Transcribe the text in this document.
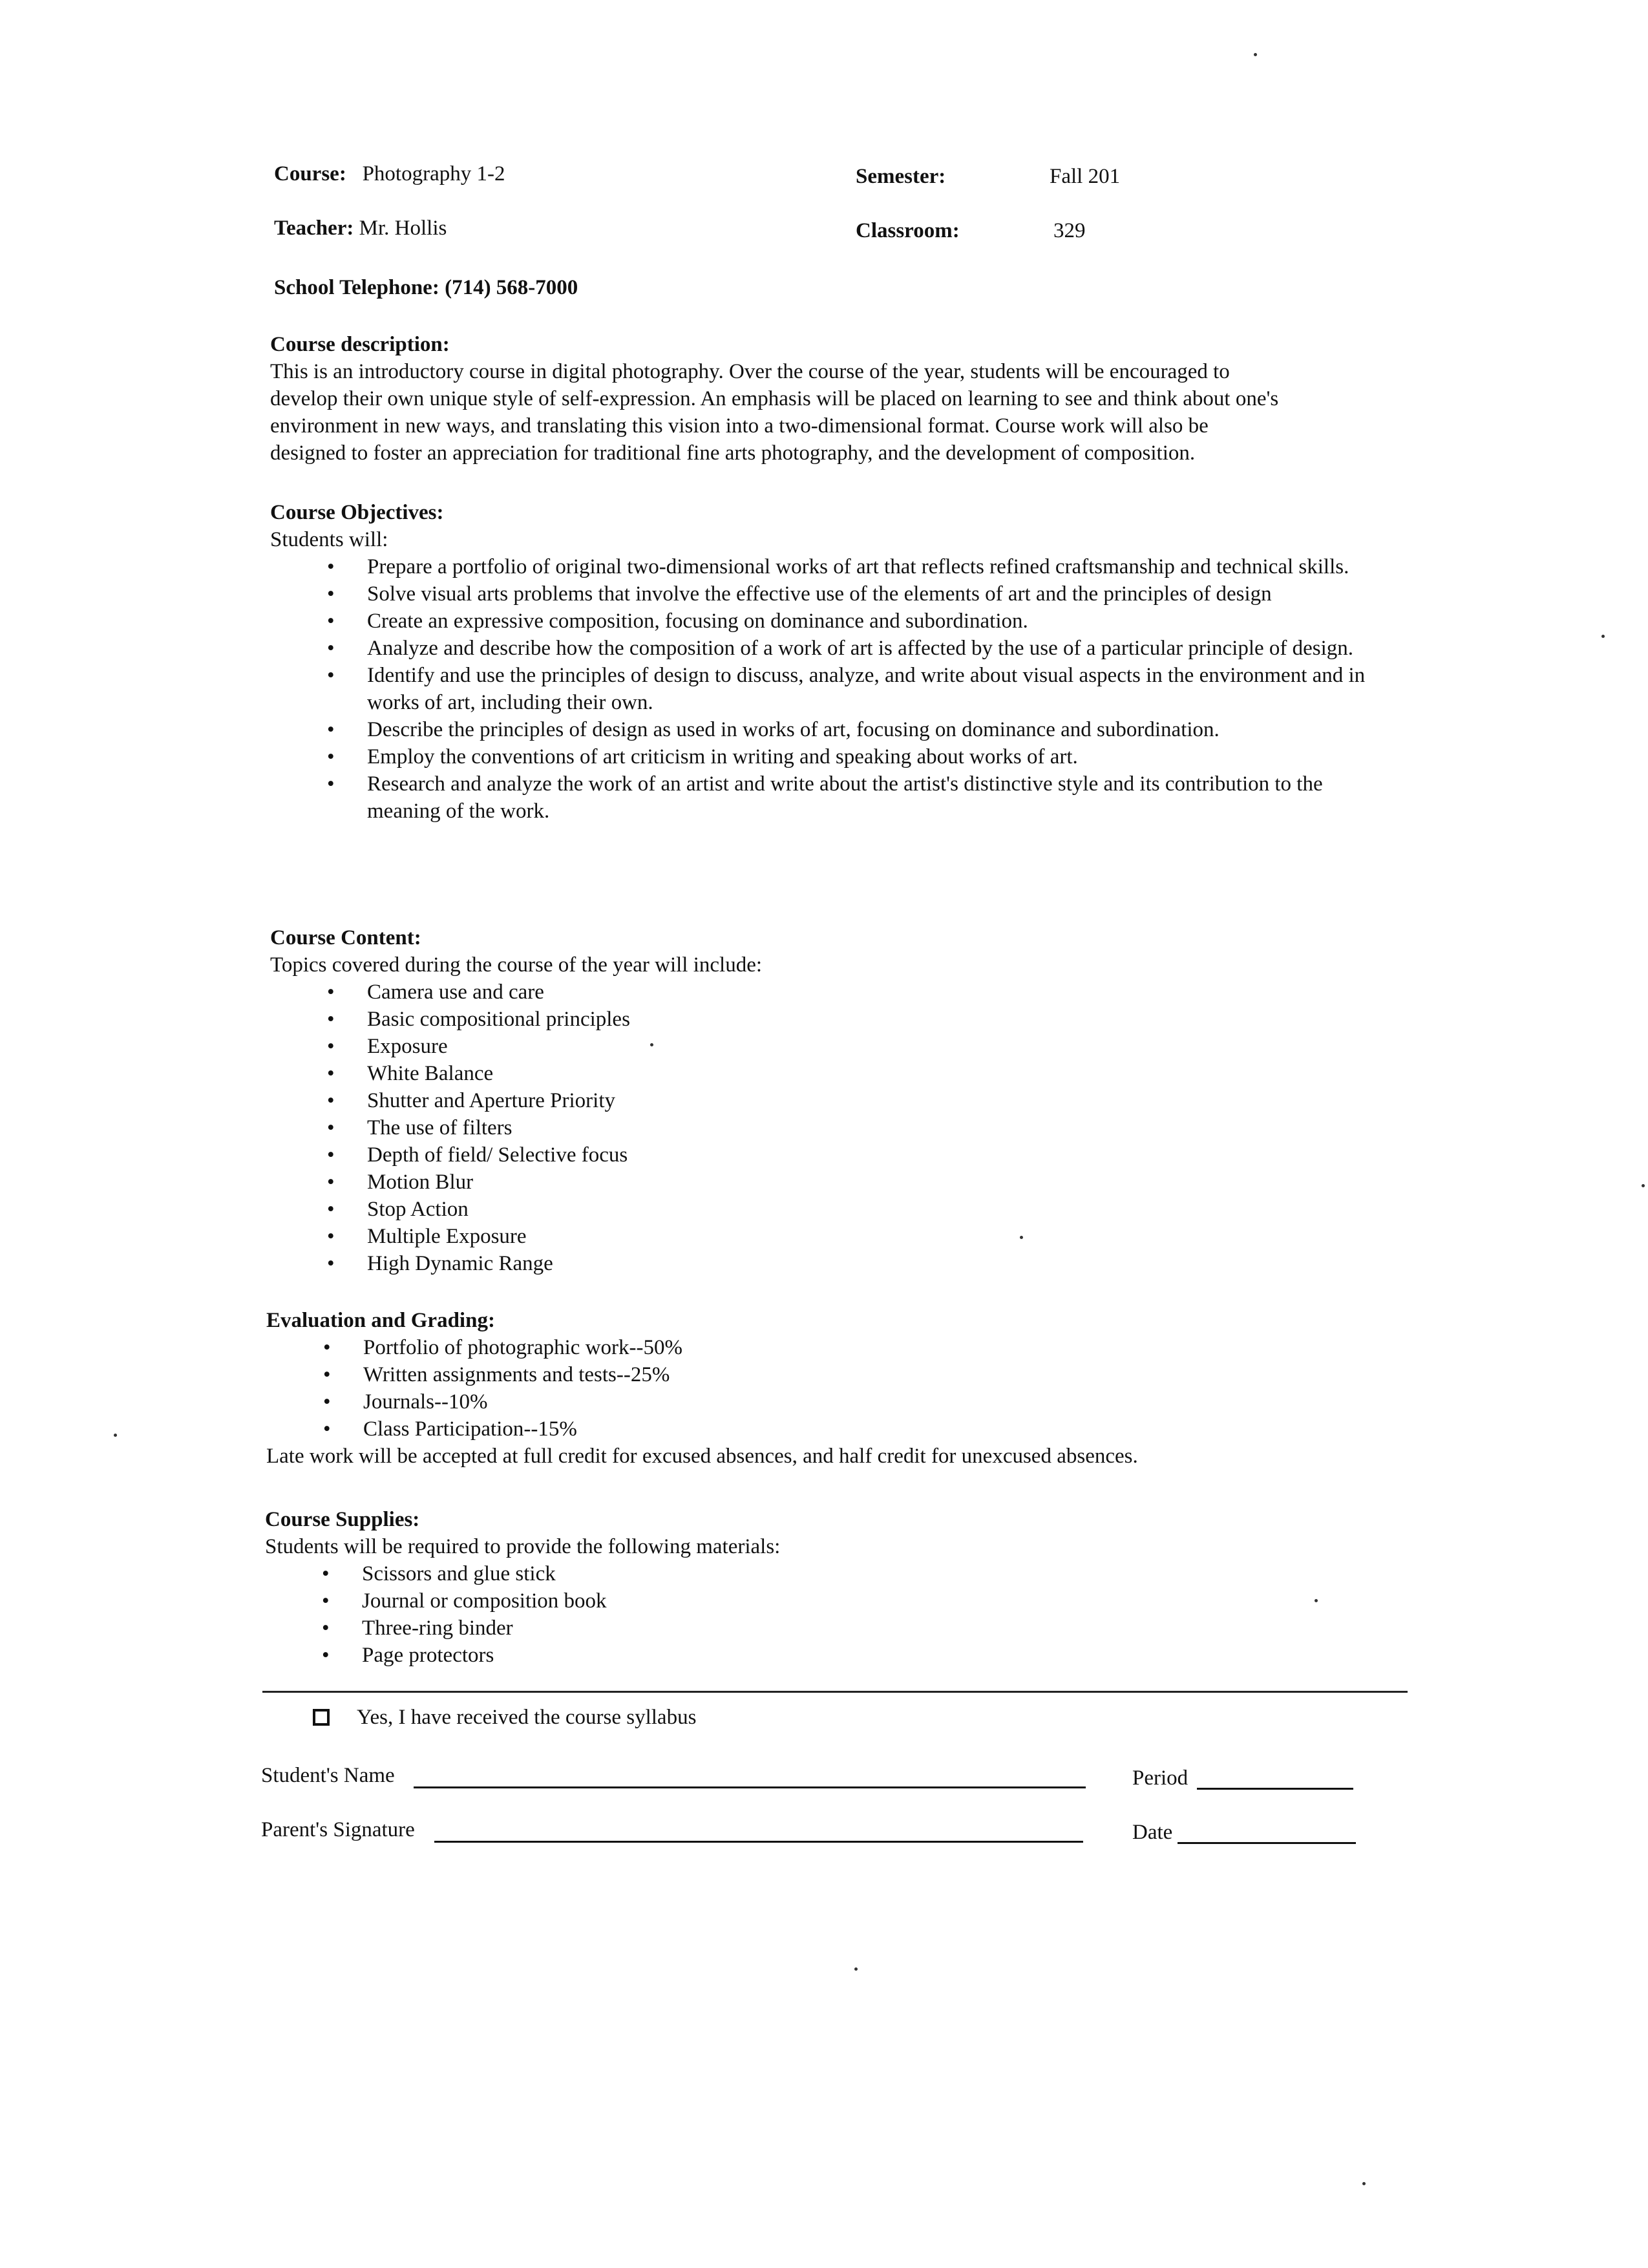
Course: Photography 1-2	Semester:	Fall 201
Teacher: Mr. Hollis	Classroom:	329
School Telephone: (714) 568-7000
Course description:
This is an introductory course in digital photography. Over the course of the year, students will be encouraged to
develop their own unique style of self-expression. An emphasis will be placed on learning to see and think about one's
environment in new ways, and translating this vision into a two-dimensional format. Course work will also be
designed to foster an appreciation for traditional fine arts photography, and the development of composition.
Course Objectives:
Students will:
• Prepare a portfolio of original two-dimensional works of art that reflects refined craftsmanship and technical skills.
• Solve visual arts problems that involve the effective use of the elements of art and the principles of design
• Create an expressive composition, focusing on dominance and subordination.
• Analyze and describe how the composition of a work of art is affected by the use of a particular principle of design.
• Identify and use the principles of design to discuss, analyze, and write about visual aspects in the environment and in works of art, including their own.
• Describe the principles of design as used in works of art, focusing on dominance and subordination.
• Employ the conventions of art criticism in writing and speaking about works of art.
• Research and analyze the work of an artist and write about the artist's distinctive style and its contribution to the meaning of the work.
Course Content:
Topics covered during the course of the year will include:
• Camera use and care
• Basic compositional principles
• Exposure
• White Balance
• Shutter and Aperture Priority
• The use of filters
• Depth of field/ Selective focus
• Motion Blur
• Stop Action
• Multiple Exposure
• High Dynamic Range
Evaluation and Grading:
• Portfolio of photographic work--50%
• Written assignments and tests--25%
• Journals--10%
• Class Participation--15%
Late work will be accepted at full credit for excused absences, and half credit for unexcused absences.
Course Supplies:
Students will be required to provide the following materials:
• Scissors and glue stick
• Journal or composition book
• Three-ring binder
• Page protectors
Yes, I have received the course syllabus
Student's Name	Period
Parent's Signature	Date
